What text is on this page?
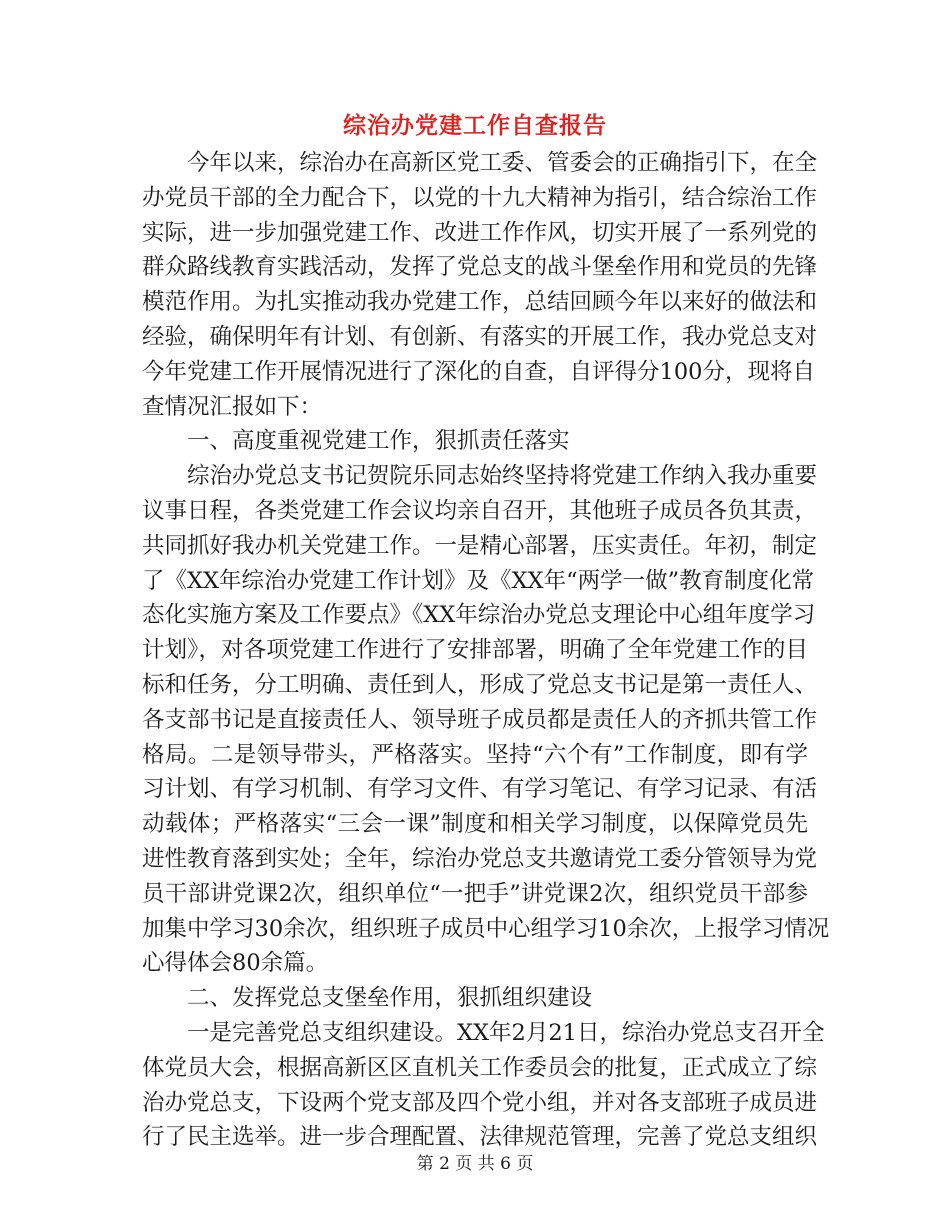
综治办党建工作自查报告
今年以来，综治办在高新区党工委、管委会的正确指引下，在全
办党员干部的全力配合下，以党的十九大精神为指引，结合综治工作
实际，进一步加强党建工作、改进工作作风，切实开展了一系列党的
群众路线教育实践活动，发挥了党总支的战斗堡垒作用和党员的先锋
模范作用。为扎实推动我办党建工作，总结回顾今年以来好的做法和
经验，确保明年有计划、有创新、有落实的开展工作，我办党总支对
今年党建工作开展情况进行了深化的自查，自评得分100分，现将自
查情况汇报如下：
一、高度重视党建工作，狠抓责任落实
综治办党总支书记贺院乐同志始终坚持将党建工作纳入我办重要
议事日程，各类党建工作会议均亲自召开，其他班子成员各负其责，
共同抓好我办机关党建工作。一是精心部署，压实责任。年初，制定
了《XX年综治办党建工作计划》及《XX年“两学一做”教育制度化常
态化实施方案及工作要点》《XX年综治办党总支理论中心组年度学习
计划》，对各项党建工作进行了安排部署，明确了全年党建工作的目
标和任务，分工明确、责任到人，形成了党总支书记是第一责任人、
各支部书记是直接责任人、领导班子成员都是责任人的齐抓共管工作
格局。二是领导带头，严格落实。坚持“六个有”工作制度，即有学
习计划、有学习机制、有学习文件、有学习笔记、有学习记录、有活
动载体；严格落实“三会一课”制度和相关学习制度，以保障党员先
进性教育落到实处；全年，综治办党总支共邀请党工委分管领导为党
员干部讲党课2次，组织单位“一把手”讲党课2次，组织党员干部参
加集中学习30余次，组织班子成员中心组学习10余次，上报学习情况
心得体会80余篇。
二、发挥党总支堡垒作用，狠抓组织建设
一是完善党总支组织建设。XX年2月21日，综治办党总支召开全
体党员大会，根据高新区区直机关工作委员会的批复，正式成立了综
治办党总支，下设两个党支部及四个党小组，并对各支部班子成员进
行了民主选举。进一步合理配置、法律规范管理，完善了党总支组织
第 2 页 共 6 页
